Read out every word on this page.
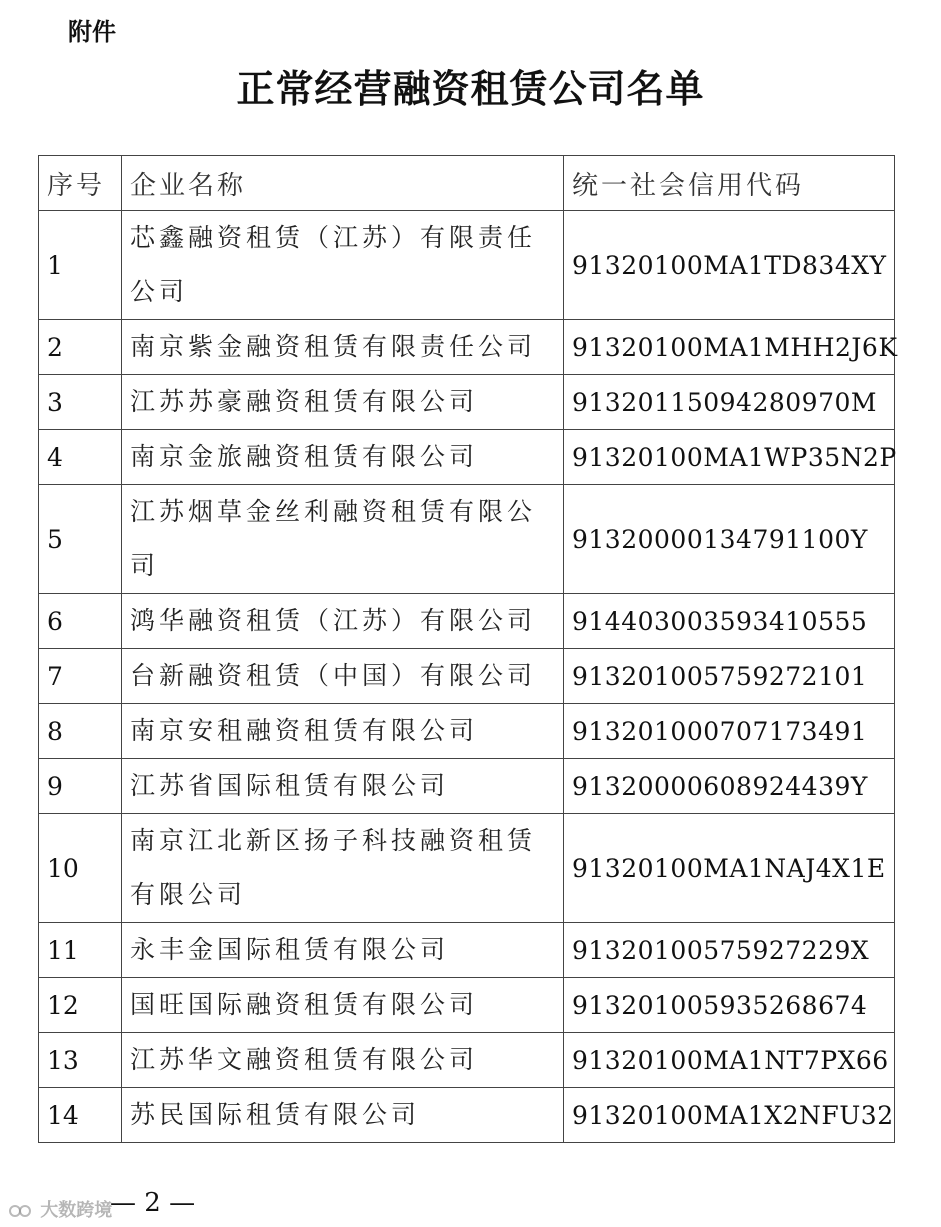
附件
正常经营融资租赁公司名单
序号	企业名称	统一社会信用代码
1	芯鑫融资租赁（江苏）有限责任公司	91320100MA1TD834XY
2	南京紫金融资租赁有限责任公司	91320100MA1MHH2J6K
3	江苏苏豪融资租赁有限公司	91320115094280970M
4	南京金旅融资租赁有限公司	91320100MA1WP35N2P
5	江苏烟草金丝利融资租赁有限公司	91320000134791100Y
6	鸿华融资租赁（江苏）有限公司	91440300359341055​5
7	台新融资租赁（中国）有限公司	913201005759272101
8	南京安租融资租赁有限公司	913201000707173491
9	江苏省国际租赁有限公司	91320000608924439Y
10	南京江北新区扬子科技融资租赁有限公司	91320100MA1NAJ4X1E
11	永丰金国际租赁有限公司	91320100575927229X
12	国旺国际融资租赁有限公司	913201005935268674
13	江苏华文融资租赁有限公司	91320100MA1NT7PX66
14	苏民国际租赁有限公司	91320100MA1X2NFU32
大数跨境
— 2 —
